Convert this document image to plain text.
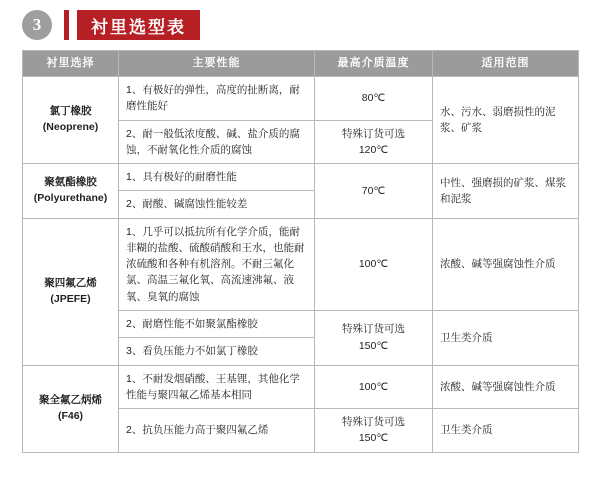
3	衬里选型表
衬里选择	主要性能	最高介质温度	适用范围

氯丁橡胶
(Neoprene)	1、有极好的弹性，高度的扯断离，耐磨性能好	80℃	水、污水、弱磨损性的泥浆、矿浆
	2、耐一般低浓度酸、碱、盐介质的腐蚀，不耐氧化性介质的腐蚀	特殊订货可选
120℃	

聚氨酯橡胶
(Polyurethane)	1、具有极好的耐磨性能	70℃	中性、强磨损的矿浆、煤浆和泥浆
	2、耐酸、碱腐蚀性能较差		

聚四氟乙烯
(JPEFE)	1、几乎可以抵抗所有化学介质，能耐非糊的盐酸、硫酸硝酸和王水，也能耐浓硫酸和各种有机溶剂。不耐三氟化氯、高温三氟化氧、高流速沸氟、液氧、臭氧的腐蚀	100℃	浓酸、碱等强腐蚀性介质
	2、耐磨性能不如聚氯酯橡胶	特殊订货可选
150℃	卫生类介质
	3、看负压能力不如氯丁橡胶		

聚全氟乙炳烯
(F46)	1、不耐发烟硝酸、王基锂，其他化学性能与聚四氟乙烯基本相同	100℃	浓酸、碱等强腐蚀性介质
	2、抗负压能力高于聚四氟乙烯	特殊订货可选
150℃	卫生类介质
